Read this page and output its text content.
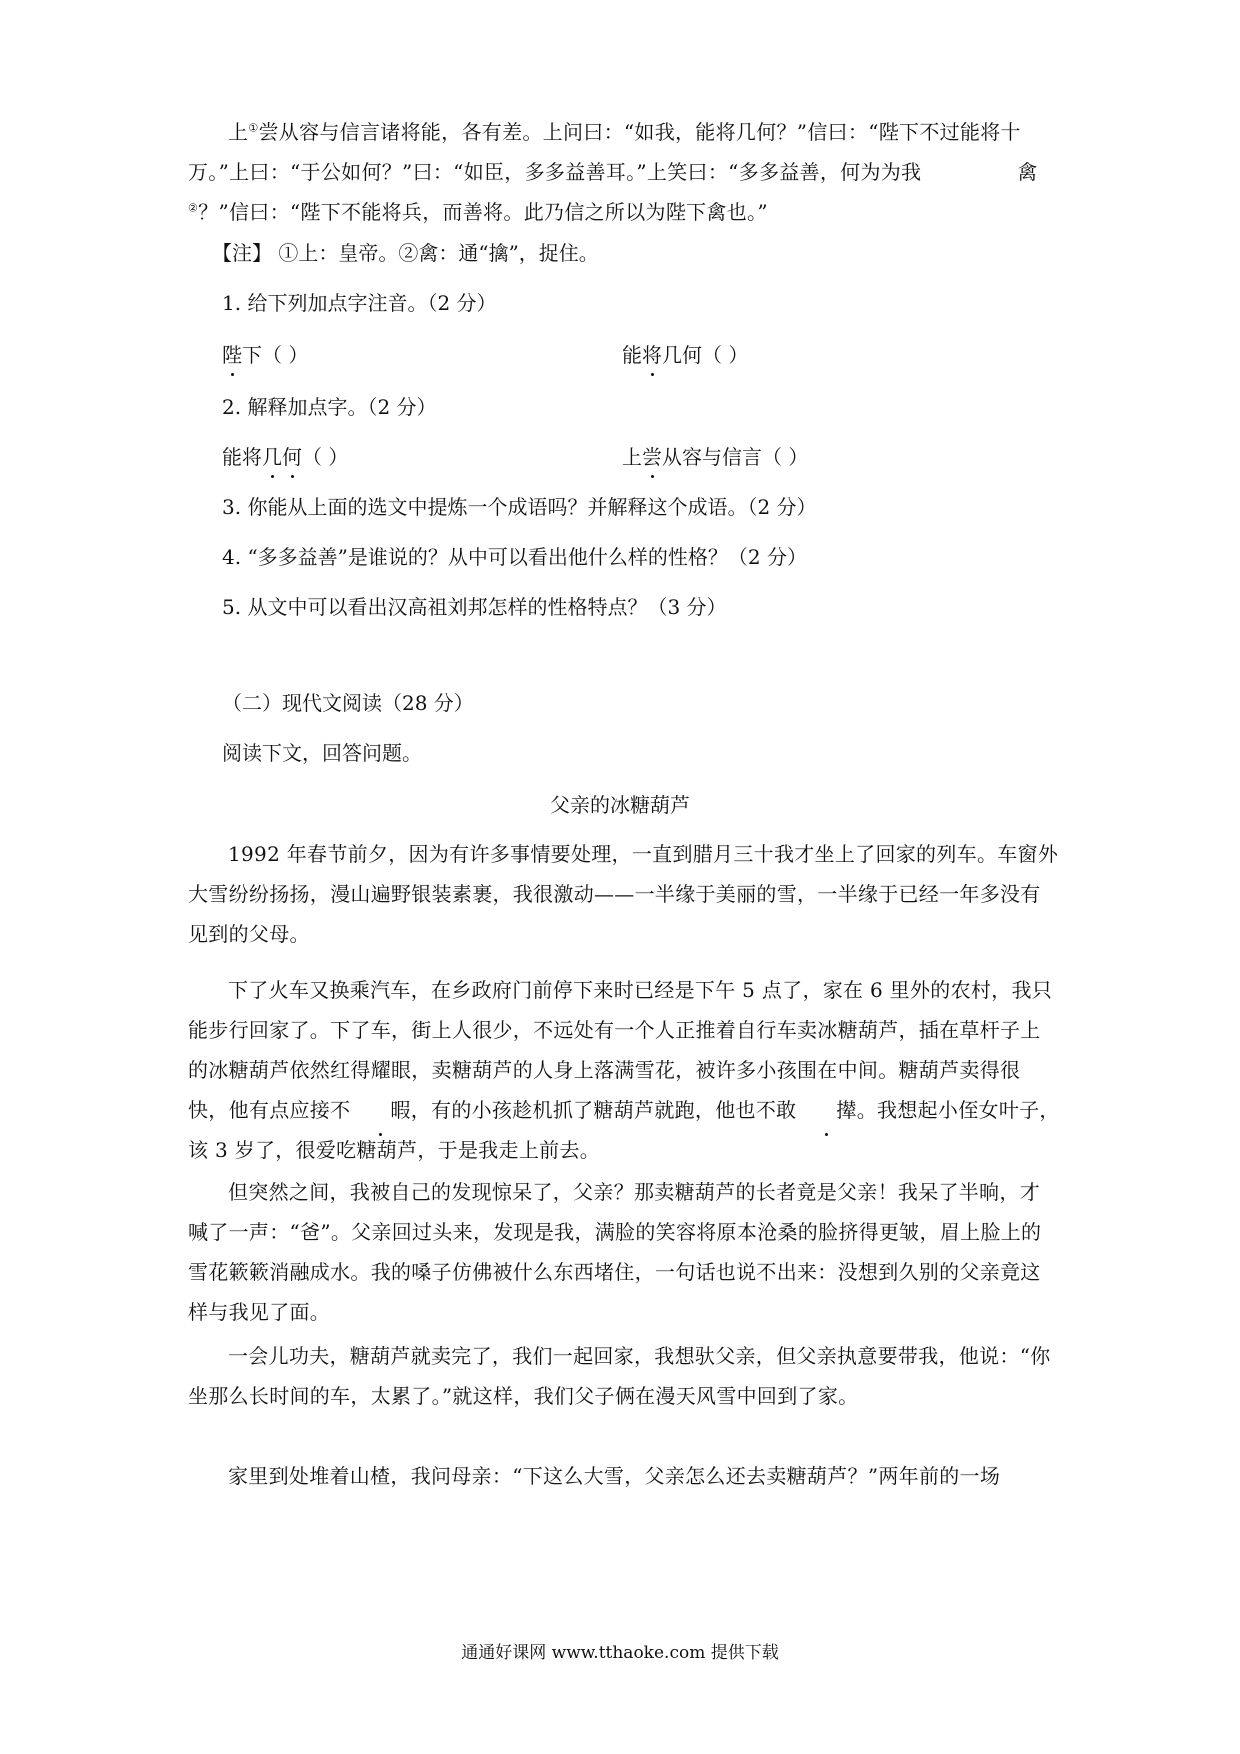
上①尝从容与信言诸将能，各有差。上问曰：“如我，能将几何？”信曰：“陛下不过能将十万。”上曰：“于公如何？”曰：“如臣，多多益善耳。”上笑曰：“多多益善，何为为我	禽②？”信曰：“陛下不能将兵，而善将。此乃信之所以为陛下禽也。”

【注】 ①上：皇帝。②禽：通“擒”，捉住。

1. 给下列加点字注音。（2 分）

陛下（ ）	能将几何（ ）

2. 解释加点字。（2 分）

能将几何（ ）	上尝从容与信言（ ）

3. 你能从上面的选文中提炼一个成语吗？并解释这个成语。（2 分）

4. “多多益善”是谁说的？从中可以看出他什么样的性格？（2 分）

5. 从文中可以看出汉高祖刘邦怎样的性格特点？（3 分）

（二）现代文阅读（28 分）

阅读下文，回答问题。

父亲的冰糖葫芦

1992 年春节前夕，因为有许多事情要处理，一直到腊月三十我才坐上了回家的列车。车窗外大雪纷纷扬扬，漫山遍野银装素裹，我很激动——一半缘于美丽的雪，一半缘于已经一年多没有见到的父母。

下了火车又换乘汽车，在乡政府门前停下来时已经是下午 5 点了，家在 6 里外的农村，我只能步行回家了。下了车，街上人很少，不远处有一个人正推着自行车卖冰糖葫芦，插在草杆子上的冰糖葫芦依然红得耀眼，卖糖葫芦的人身上落满雪花，被许多小孩围在中间。糖葫芦卖得很快，他有点应接不 暇，有的小孩趁机抓了糖葫芦就跑，他也不敢 撵。我想起小侄女叶子，该 3 岁了，很爱吃糖葫芦，于是我走上前去。

但突然之间，我被自己的发现惊呆了，父亲？那卖糖葫芦的长者竟是父亲！我呆了半晌，才喊了一声：“爸”。父亲回过头来，发现是我，满脸的笑容将原本沧桑的脸挤得更皱，眉上脸上的雪花簌簌消融成水。我的嗓子仿佛被什么东西堵住，一句话也说不出来：没想到久别的父亲竟这样与我见了面。

一会儿功夫，糖葫芦就卖完了，我们一起回家，我想驮父亲，但父亲执意要带我，他说：“你坐那么长时间的车，太累了。”就这样，我们父子俩在漫天风雪中回到了家。

家里到处堆着山楂，我问母亲：“下这么大雪，父亲怎么还去卖糖葫芦？”两年前的一场

通通好课网 www.tthaoke.com 提供下载
